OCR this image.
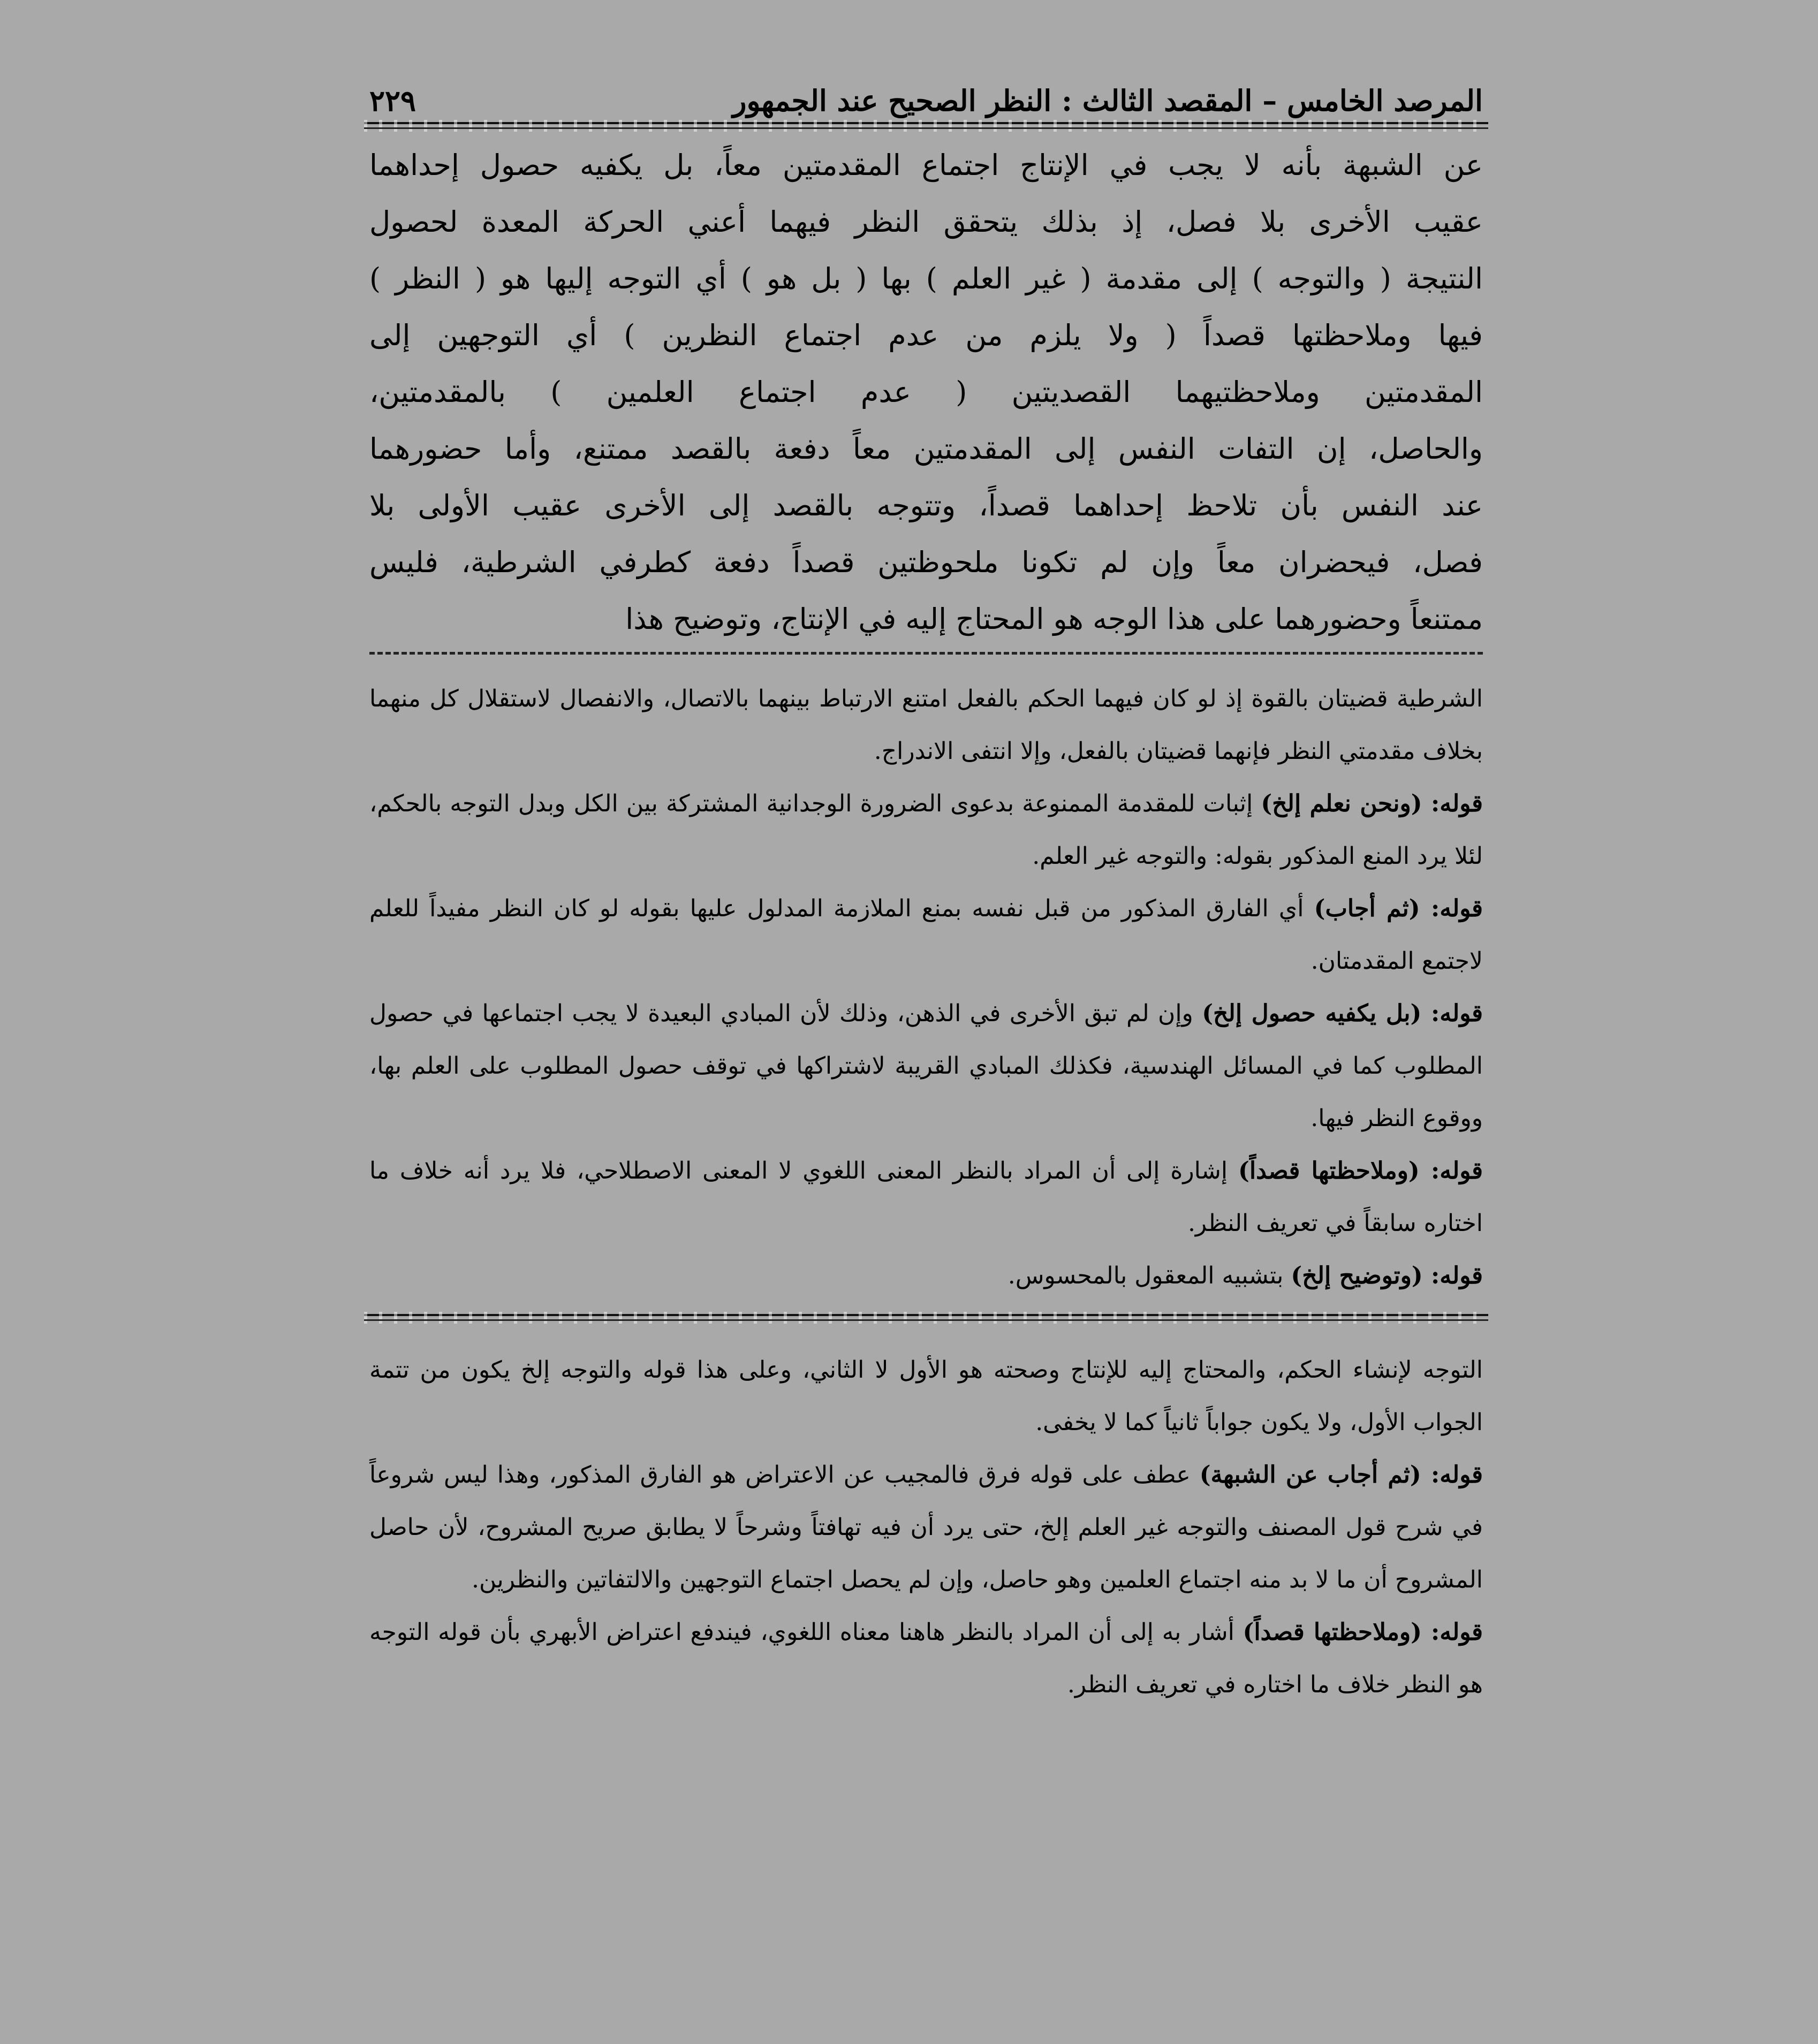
المرصد الخامس – المقصد الثالث : النظر الصحيح عند الجمهور
٢٢٩

عن الشبهة بأنه لا يجب في الإنتاج اجتماع المقدمتين معاً، بل يكفيه حصول إحداهما

عقيب الأخرى بلا فصل، إذ بذلك يتحقق النظر فيهما أعني الحركة المعدة لحصول

النتيجة ( والتوجه ) إلى مقدمة ( غير العلم ) بها ( بل هو ) أي التوجه إليها هو ( النظر )

فيها وملاحظتها قصداً ( ولا يلزم من عدم اجتماع النظرين ) أي التوجهين إلى

المقدمتين وملاحظتيهما القصديتين ( عدم اجتماع العلمين ) بالمقدمتين،

والحاصل، إن التفات النفس إلى المقدمتين معاً دفعة بالقصد ممتنع، وأما حضورهما

عند النفس بأن تلاحظ إحداهما قصداً، وتتوجه بالقصد إلى الأخرى عقيب الأولى بلا

فصل، فيحضران معاً وإن لم تكونا ملحوظتين قصداً دفعة كطرفي الشرطية، فليس

ممتنعاً وحضورهما على هذا الوجه هو المحتاج إليه في الإنتاج، وتوضيح هذا

الشرطية قضيتان بالقوة إذ لو كان فيهما الحكم بالفعل امتنع الارتباط بينهما بالاتصال، والانفصال لاستقلال كل منهما بخلاف مقدمتي النظر فإنهما قضيتان بالفعل، وإلا انتفى الاندراج.

قوله: (ونحن نعلم إلخ) إثبات للمقدمة الممنوعة بدعوى الضرورة الوجدانية المشتركة بين الكل وبدل التوجه بالحكم، لئلا يرد المنع المذكور بقوله: والتوجه غير العلم.

قوله: (ثم أجاب) أي الفارق المذكور من قبل نفسه بمنع الملازمة المدلول عليها بقوله لو كان النظر مفيداً للعلم لاجتمع المقدمتان.

قوله: (بل يكفيه حصول إلخ) وإن لم تبق الأخرى في الذهن، وذلك لأن المبادي البعيدة لا يجب اجتماعها في حصول المطلوب كما في المسائل الهندسية، فكذلك المبادي القريبة لاشتراكها في توقف حصول المطلوب على العلم بها، ووقوع النظر فيها.

قوله: (وملاحظتها قصداً) إشارة إلى أن المراد بالنظر المعنى اللغوي لا المعنى الاصطلاحي، فلا يرد أنه خلاف ما اختاره سابقاً في تعريف النظر.

قوله: (وتوضيح إلخ) بتشبيه المعقول بالمحسوس.

التوجه لإنشاء الحكم، والمحتاج إليه للإنتاج وصحته هو الأول لا الثاني، وعلى هذا قوله والتوجه إلخ يكون من تتمة الجواب الأول، ولا يكون جواباً ثانياً كما لا يخفى.

قوله: (ثم أجاب عن الشبهة) عطف على قوله فرق فالمجيب عن الاعتراض هو الفارق المذكور، وهذا ليس شروعاً في شرح قول المصنف والتوجه غير العلم إلخ، حتى يرد أن فيه تهافتاً وشرحاً لا يطابق صريح المشروح، لأن حاصل المشروح أن ما لا بد منه اجتماع العلمين وهو حاصل، وإن لم يحصل اجتماع التوجهين والالتفاتين والنظرين.

قوله: (وملاحظتها قصداً) أشار به إلى أن المراد بالنظر هاهنا معناه اللغوي، فيندفع اعتراض الأبهري بأن قوله التوجه هو النظر خلاف ما اختاره في تعريف النظر.
